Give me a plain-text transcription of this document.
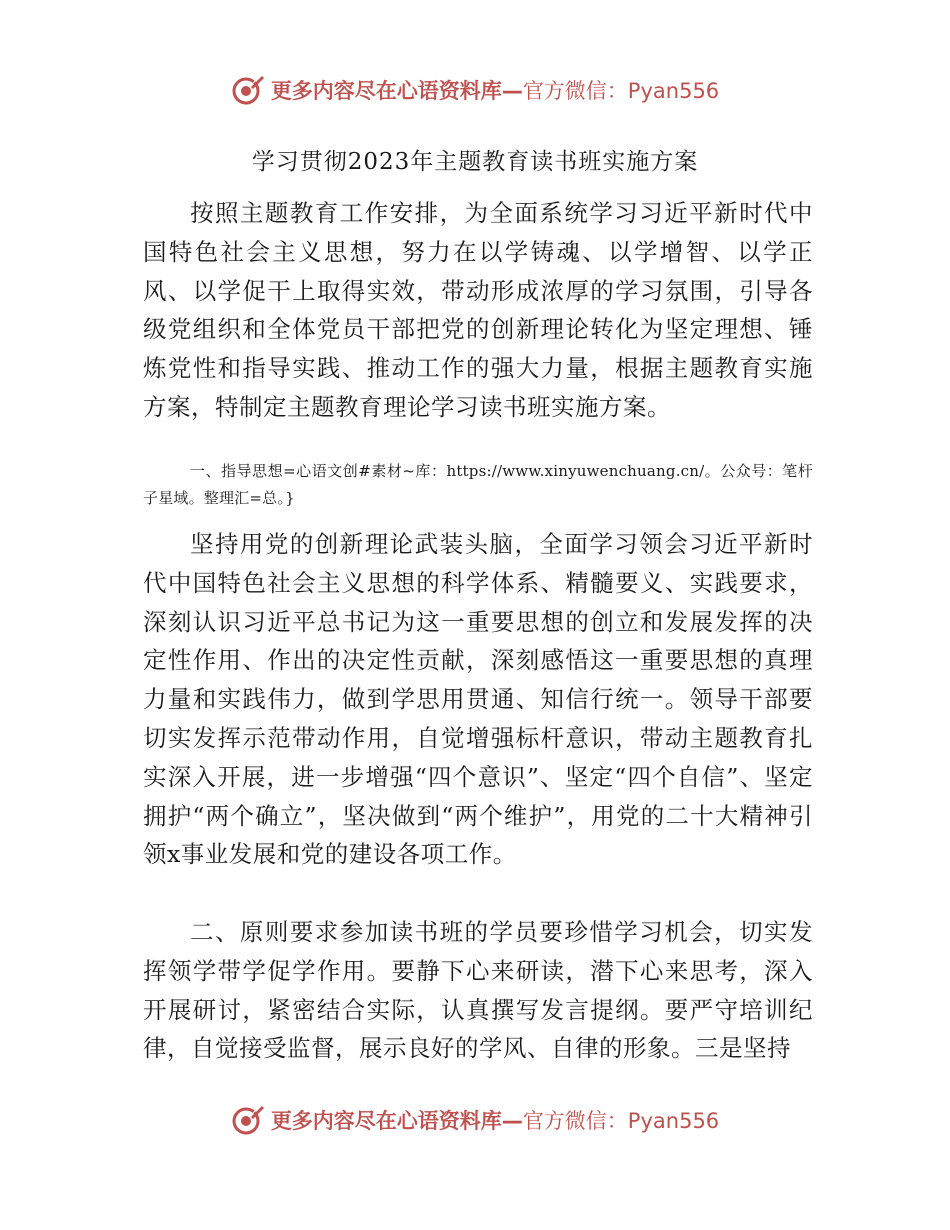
更多内容尽在心语资料库—官方微信：Pyan556
学习贯彻2023年主题教育读书班实施方案

按照主题教育工作安排，为全面系统学习习近平新时代中国特色社会主义思想，努力在以学铸魂、以学增智、以学正风、以学促干上取得实效，带动形成浓厚的学习氛围，引导各级党组织和全体党员干部把党的创新理论转化为坚定理想、锤炼党性和指导实践、推动工作的强大力量，根据主题教育实施方案，特制定主题教育理论学习读书班实施方案。

一、指导思想=心语文创#素材~库：https://www.xinyuwenchuang.cn/。公众号：笔杆子星域。整理汇=总。}

坚持用党的创新理论武装头脑，全面学习领会习近平新时代中国特色社会主义思想的科学体系、精髓要义、实践要求，深刻认识习近平总书记为这一重要思想的创立和发展发挥的决定性作用、作出的决定性贡献，深刻感悟这一重要思想的真理力量和实践伟力，做到学思用贯通、知信行统一。领导干部要切实发挥示范带动作用，自觉增强标杆意识，带动主题教育扎实深入开展，进一步增强“四个意识”、坚定“四个自信”、坚定拥护“两个确立”，坚决做到“两个维护”，用党的二十大精神引领x事业发展和党的建设各项工作。

二、原则要求参加读书班的学员要珍惜学习机会，切实发挥领学带学促学作用。要静下心来研读，潜下心来思考，深入开展研讨，紧密结合实际，认真撰写发言提纲。要严守培训纪律，自觉接受监督，展示良好的学风、自律的形象。三是坚持

更多内容尽在心语资料库—官方微信：Pyan556
